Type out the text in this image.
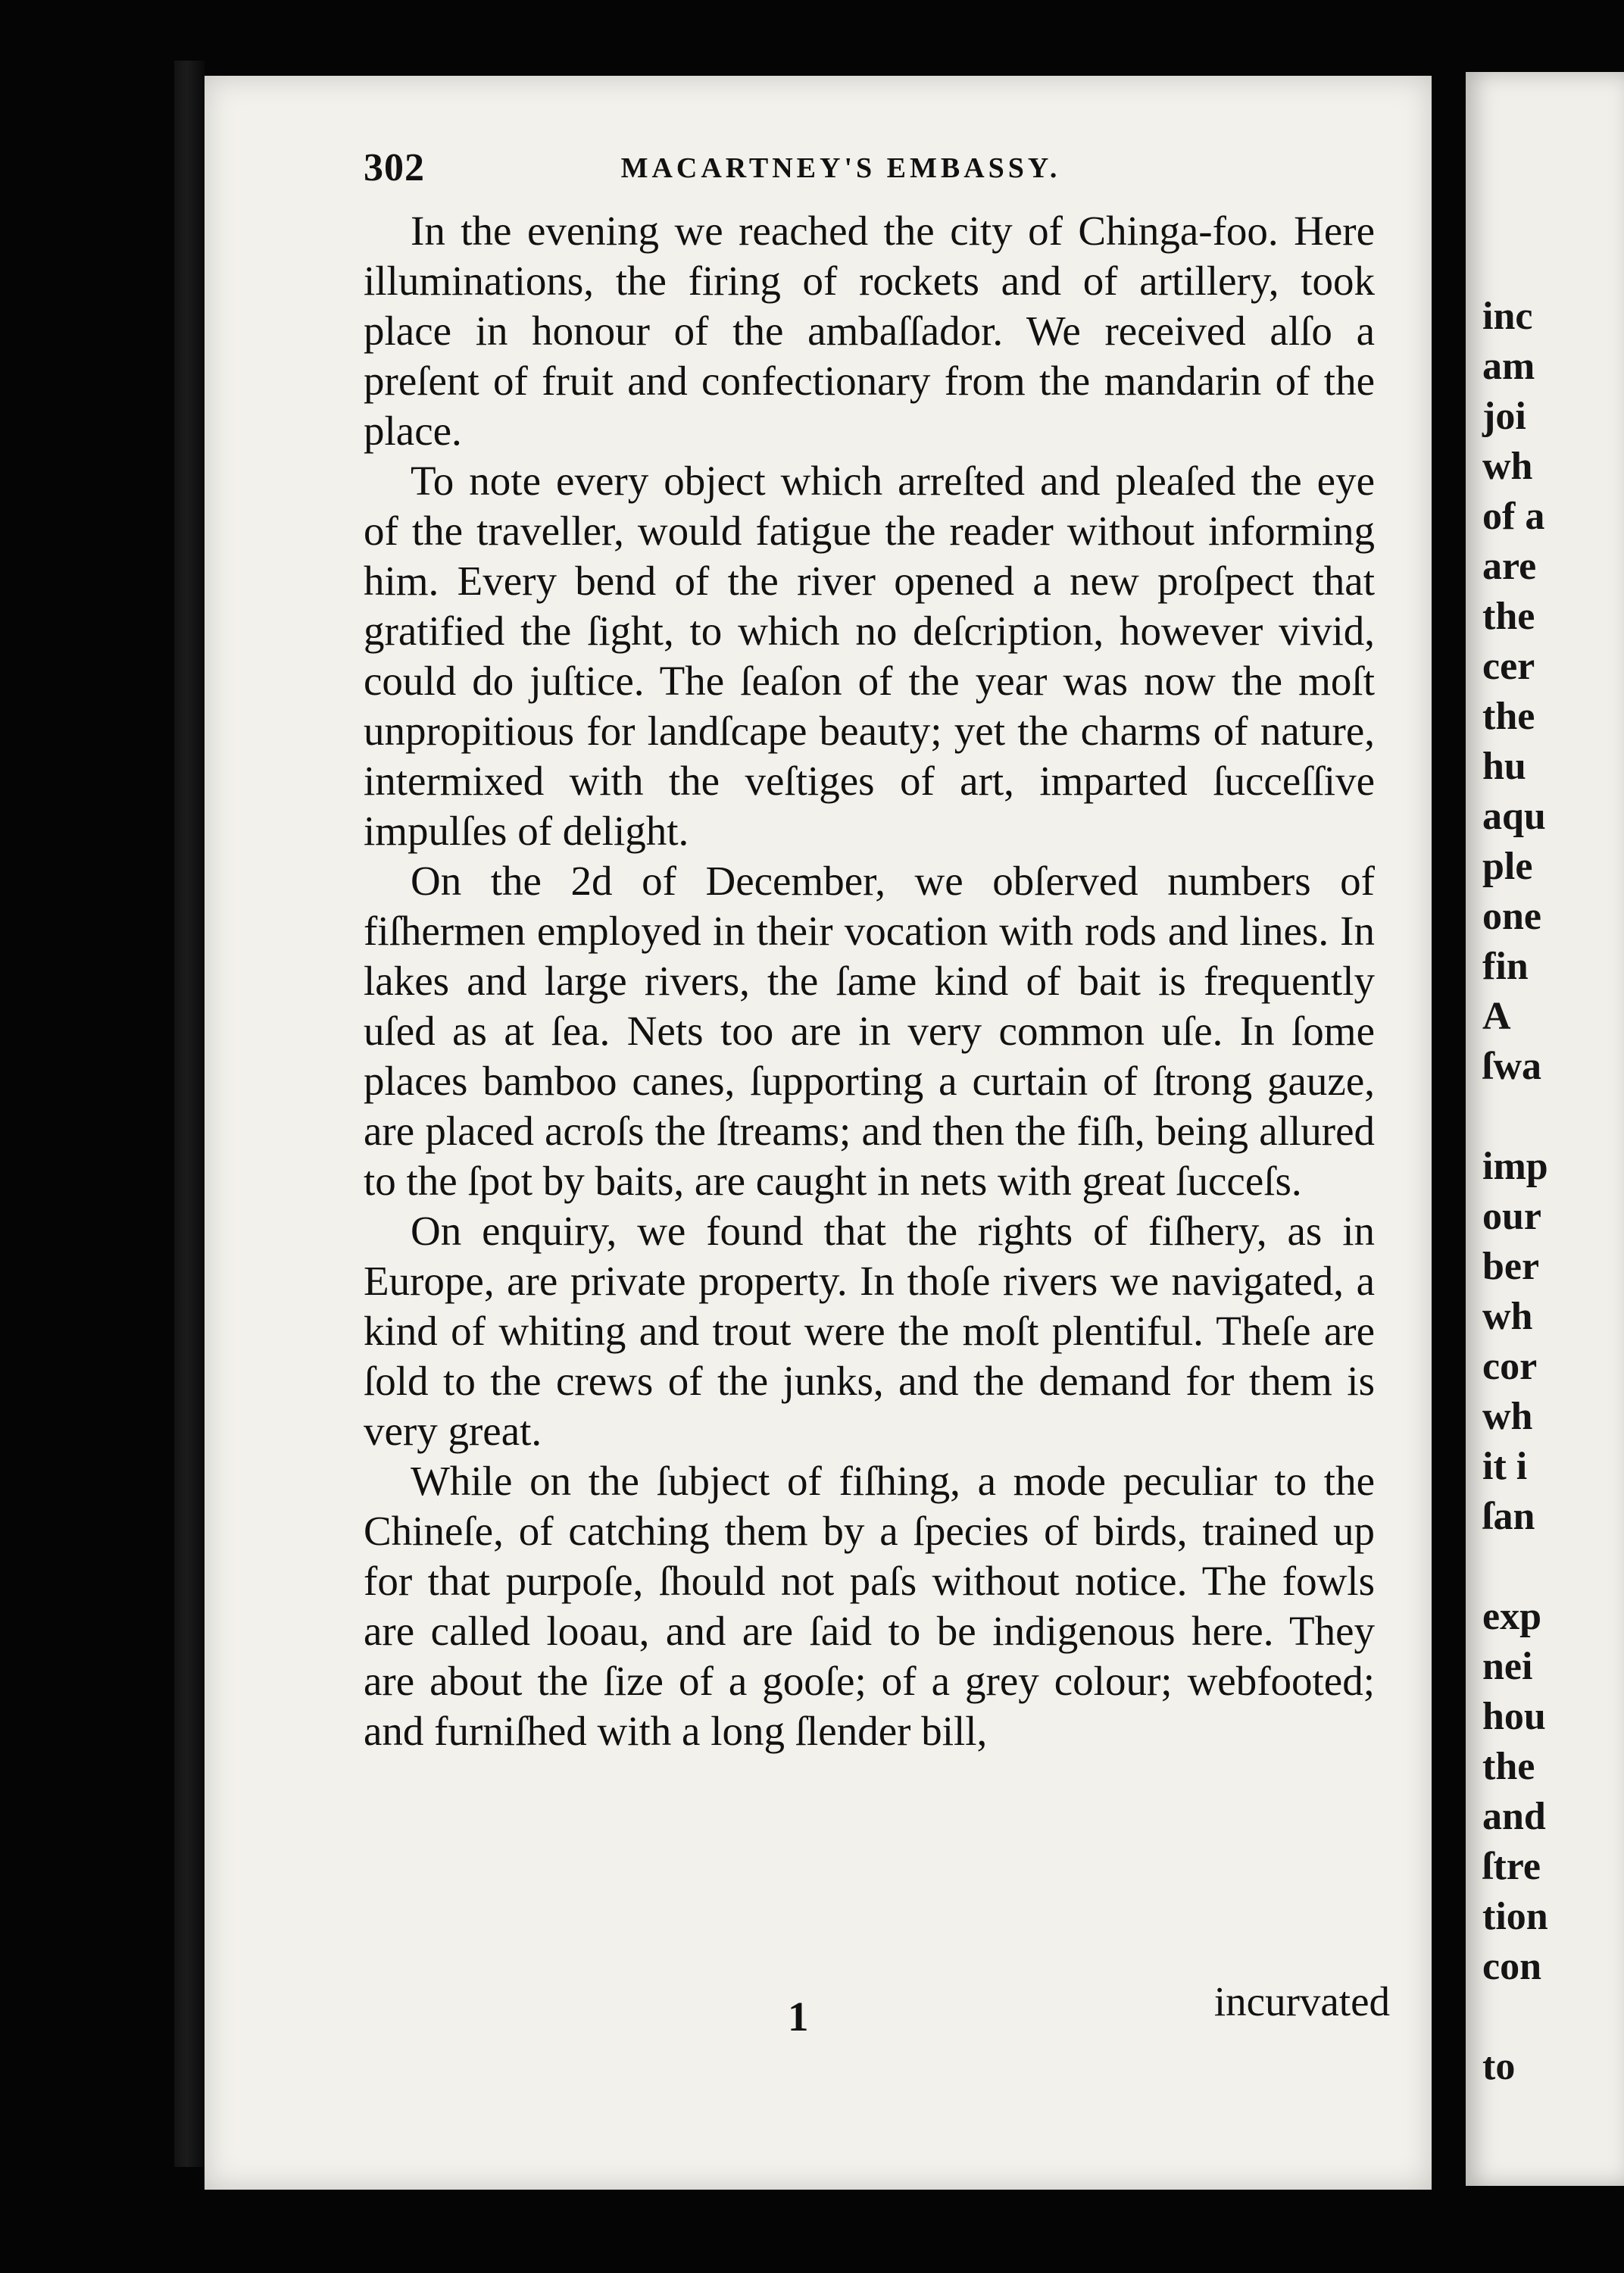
302	MACARTNEY'S EMBASSY.

In the evening we reached the city of Chinga-foo. Here illuminations, the firing of rockets and of artillery, took place in honour of the ambaſſador. We received alſo a preſent of fruit and confectionary from the mandarin of the place.

To note every object which arreſted and pleaſed the eye of the traveller, would fatigue the reader without informing him. Every bend of the river opened a new proſpect that gratified the ſight, to which no deſcription, however vivid, could do juſtice. The ſeaſon of the year was now the moſt unpropitious for landſcape beauty; yet the charms of nature, intermixed with the veſtiges of art, imparted ſucceſſive impulſes of delight.

On the 2d of December, we obſerved numbers of fiſhermen employed in their vocation with rods and lines. In lakes and large rivers, the ſame kind of bait is frequently uſed as at ſea. Nets too are in very common uſe. In ſome places bamboo canes, ſupporting a curtain of ſtrong gauze, are placed acroſs the ſtreams; and then the fiſh, being allured to the ſpot by baits, are caught in nets with great ſucceſs.

On enquiry, we found that the rights of fiſhery, as in Europe, are private property. In thoſe rivers we navigated, a kind of whiting and trout were the moſt plentiful. Theſe are ſold to the crews of the junks, and the demand for them is very great.

While on the ſubject of fiſhing, a mode peculiar to the Chineſe, of catching them by a ſpecies of birds, trained up for that purpoſe, ſhould not paſs without notice. The fowls are called looau, and are ſaid to be indigenous here. They are about the ſize of a gooſe; of a grey colour; webfooted; and furniſhed with a long ſlender bill,

1	incurvated
inc
am
joi
wh
of a
are
the
cer
the
hu
aqu
ple
one
fin
A
ſwa

imp
our
ber
wh
cor
wh
it i
ſan

exp
nei
hou
the
and
ſtre
tion
con

to
